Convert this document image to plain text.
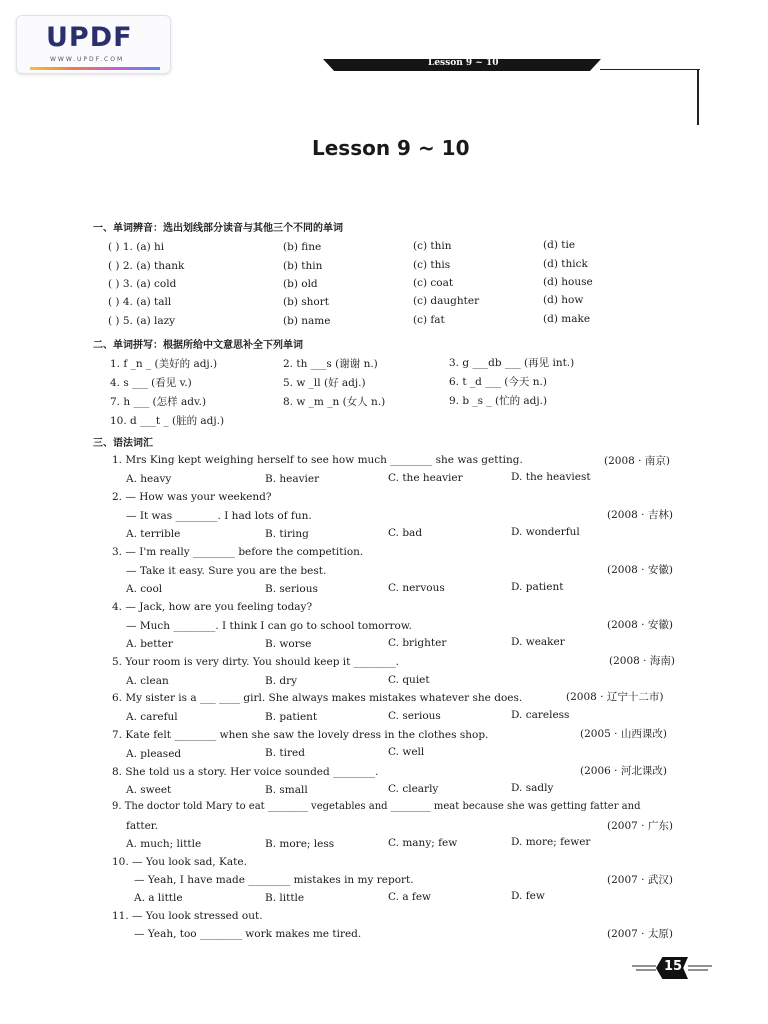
UPDF
WWW.UPDF.COM	Lesson 9 ~ 10
Lesson 9 ~ 10
一、单词辨音：选出划线部分读音与其他三个不同的单词
( ) 1. (a) hi	(b) fine	(c) thin	(d) tie
( ) 2. (a) thank	(b) thin	(c) this	(d) thick
( ) 3. (a) cold	(b) old	(c) coat	(d) house
( ) 4. (a) tall	(b) short	(c) daughter	(d) how
( ) 5. (a) lazy	(b) name	(c) fat	(d) make
二、单词拼写：根据所给中文意思补全下列单词
1. f _n _ (美好的 adj.)	2. th ___s (谢谢 n.)	3. g ___db ___ (再见 int.)
4. s ___ (看见 v.)	5. w _ll (好 adj.)	6. t _d ___ (今天 n.)
7. h ___ (怎样 adv.)	8. w _m _n (女人 n.)	9. b _s _ (忙的 adj.)
10. d ___t _ (脏的 adj.)
三、语法词汇
1. Mrs King kept weighing herself to see how much ________ she was getting.	(2008 · 南京)
A. heavy	B. heavier	C. the heavier	D. the heaviest
2. — How was your weekend?
— It was ________. I had lots of fun.	(2008 · 吉林)
A. terrible	B. tiring	C. bad	D. wonderful
3. — I'm really ________ before the competition.
— Take it easy. Sure you are the best.	(2008 · 安徽)
A. cool	B. serious	C. nervous	D. patient
4. — Jack, how are you feeling today?
— Much ________. I think I can go to school tomorrow.	(2008 · 安徽)
A. better	B. worse	C. brighter	D. weaker
5. Your room is very dirty. You should keep it ________.	(2008 · 海南)
A. clean	B. dry	C. quiet
6. My sister is a ___ ____ girl. She always makes mistakes whatever she does.	(2008 · 辽宁十二市)
A. careful	B. patient	C. serious	D. careless
7. Kate felt ________ when she saw the lovely dress in the clothes shop.	(2005 · 山西课改)
A. pleased	B. tired	C. well
8. She told us a story. Her voice sounded ________.	(2006 · 河北课改)
A. sweet	B. small	C. clearly	D. sadly
9. The doctor told Mary to eat ________ vegetables and ________ meat because she was getting fatter and
fatter.	(2007 · 广东)
A. much; little	B. more; less	C. many; few	D. more; fewer
10. — You look sad, Kate.
— Yeah, I have made ________ mistakes in my report.	(2007 · 武汉)
A. a little	B. little	C. a few	D. few
11. — You look stressed out.
— Yeah, too ________ work makes me tired.	(2007 · 太原)
15
